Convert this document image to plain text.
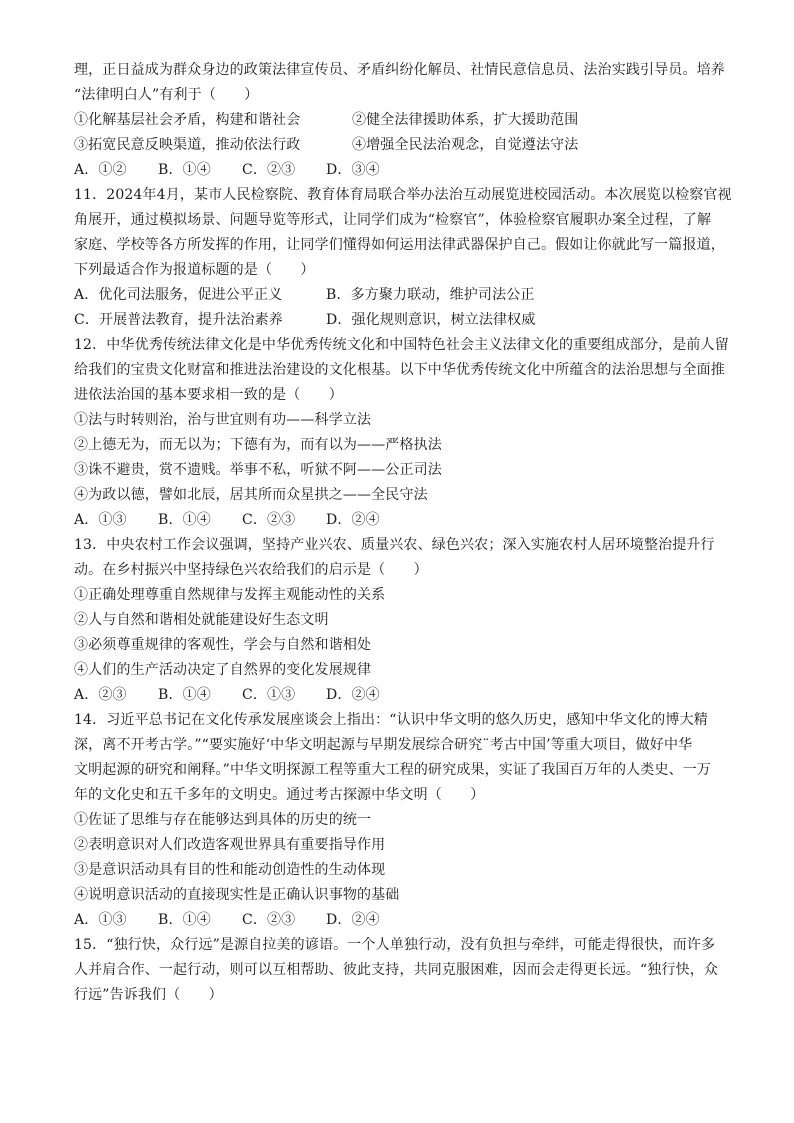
理，正日益成为群众身边的政策法律宣传员、矛盾纠纷化解员、社情民意信息员、法治实践引导员。培养
“法律明白人”有利于（　　）
①化解基层社会矛盾，构建和谐社会	②健全法律援助体系，扩大援助范围
③拓宽民意反映渠道，推动依法行政	④增强全民法治观念，自觉遵法守法
A．①②	B．①④	C．②③	D．③④
11．2024年4月，某市人民检察院、教育体育局联合举办法治互动展览进校园活动。本次展览以检察官视
角展开，通过模拟场景、问题导览等形式，让同学们成为“检察官”，体验检察官履职办案全过程，了解
家庭、学校等各方所发挥的作用，让同学们懂得如何运用法律武器保护自己。假如让你就此写一篇报道，
下列最适合作为报道标题的是（　　）
A．优化司法服务，促进公平正义	B．多方聚力联动，维护司法公正
C．开展普法教育，提升法治素养	D．强化规则意识，树立法律权威
12．中华优秀传统法律文化是中华优秀传统文化和中国特色社会主义法律文化的重要组成部分，是前人留
给我们的宝贵文化财富和推进法治建设的文化根基。以下中华优秀传统文化中所蕴含的法治思想与全面推
进依法治国的基本要求相一致的是（　　）
①法与时转则治，治与世宜则有功——科学立法
②上德无为，而无以为；下德有为，而有以为——严格执法
③诛不避贵，赏不遗贱。举事不私，听狱不阿——公正司法
④为政以德，譬如北辰，居其所而众星拱之——全民守法
A．①③	B．①④	C．②③	D．②④
13．中央农村工作会议强调，坚持产业兴农、质量兴农、绿色兴农；深入实施农村人居环境整治提升行
动。在乡村振兴中坚持绿色兴农给我们的启示是（　　）
①正确处理尊重自然规律与发挥主观能动性的关系
②人与自然和谐相处就能建设好生态文明
③必须尊重规律的客观性，学会与自然和谐相处
④人们的生产活动决定了自然界的变化发展规律
A．②③	B．①④	C．①③	D．②④
14．习近平总书记在文化传承发展座谈会上指出：“认识中华文明的悠久历史，感知中华文化的博大精
深，离不开考古学。”“要实施好‘中华文明起源与早期发展综合研究¨考古中国’等重大项目，做好中华
文明起源的研究和阐释。”中华文明探源工程等重大工程的研究成果，实证了我国百万年的人类史、一万
年的文化史和五千多年的文明史。通过考古探源中华文明（　　）
①佐证了思维与存在能够达到具体的历史的统一
②表明意识对人们改造客观世界具有重要指导作用
③是意识活动具有目的性和能动创造性的生动体现
④说明意识活动的直接现实性是正确认识事物的基础
A．①③	B．①④	C．②③	D．②④
15．“独行快，众行远”是源自拉美的谚语。一个人单独行动，没有负担与牵绊，可能走得很快，而许多
人并肩合作、一起行动，则可以互相帮助、彼此支持，共同克服困难，因而会走得更长远。“独行快，众
行远”告诉我们（　　）
